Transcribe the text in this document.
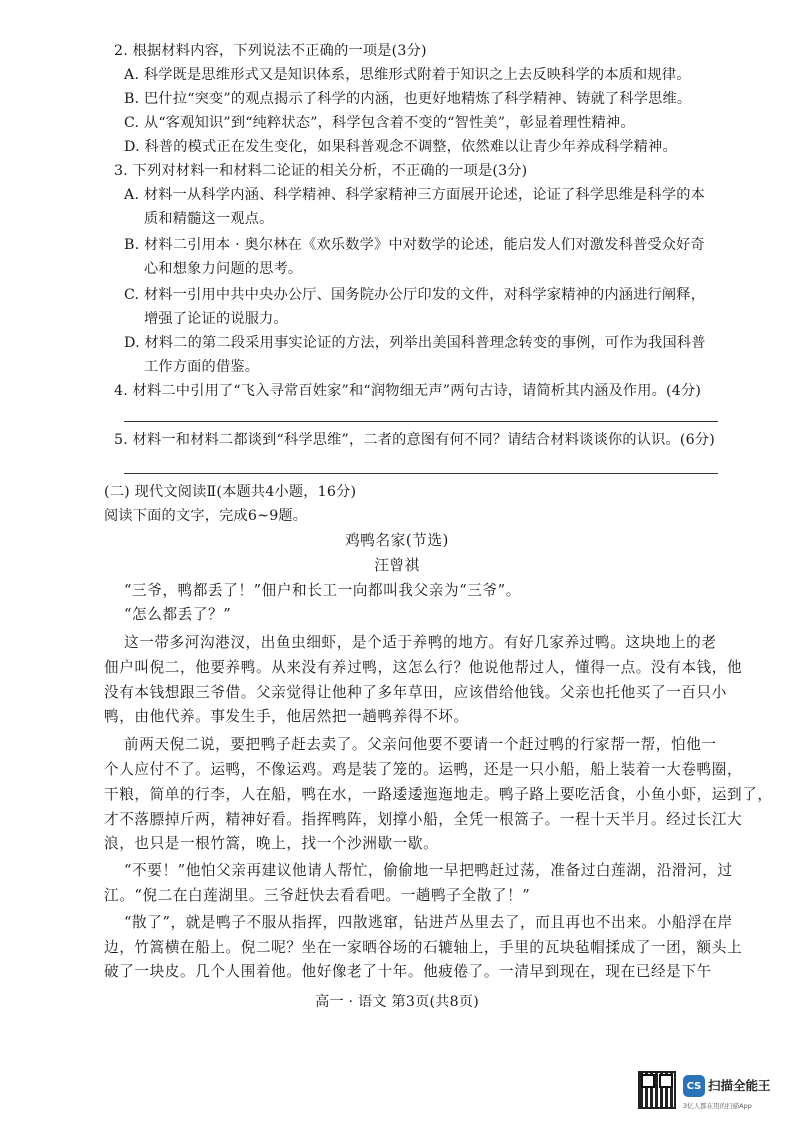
2. 根据材料内容，下列说法不正确的一项是(3分)
A. 科学既是思维形式又是知识体系，思维形式附着于知识之上去反映科学的本质和规律。
B. 巴什拉“突变”的观点揭示了科学的内涵，也更好地精炼了科学精神、铸就了科学思维。
C. 从“客观知识”到“纯粹状态”，科学包含着不变的“智性美”，彰显着理性精神。
D. 科普的模式正在发生变化，如果科普观念不调整，依然难以让青少年养成科学精神。
3. 下列对材料一和材料二论证的相关分析，不正确的一项是(3分)
A. 材料一从科学内涵、科学精神、科学家精神三方面展开论述，论证了科学思维是科学的本
质和精髓这一观点。
B. 材料二引用本 · 奥尔林在《欢乐数学》中对数学的论述，能启发人们对激发科普受众好奇
心和想象力问题的思考。
C. 材料一引用中共中央办公厅、国务院办公厅印发的文件，对科学家精神的内涵进行阐释，
增强了论证的说服力。
D. 材料二的第二段采用事实论证的方法，列举出美国科普理念转变的事例，可作为我国科普
工作方面的借鉴。
4. 材料二中引用了“飞入寻常百姓家”和“润物细无声”两句古诗，请简析其内涵及作用。(4分)
5. 材料一和材料二都谈到“科学思维”，二者的意图有何不同？请结合材料谈谈你的认识。(6分)
(二) 现代文阅读Ⅱ(本题共4小题，16分)
阅读下面的文字，完成6~9题。
鸡鸭名家(节选)
汪曾祺
“三爷，鸭都丢了！”佃户和长工一向都叫我父亲为“三爷”。
“怎么都丢了？”
这一带多河沟港汊，出鱼虫细虾，是个适于养鸭的地方。有好几家养过鸭。这块地上的老
佃户叫倪二，他要养鸭。从来没有养过鸭，这怎么行？他说他帮过人，懂得一点。没有本钱，他
没有本钱想跟三爷借。父亲觉得让他种了多年草田，应该借给他钱。父亲也托他买了一百只小
鸭，由他代养。事发生手，他居然把一趟鸭养得不坏。
前两天倪二说，要把鸭子赶去卖了。父亲问他要不要请一个赶过鸭的行家帮一帮，怕他一
个人应付不了。运鸭，不像运鸡。鸡是装了笼的。运鸭，还是一只小船，船上装着一大卷鸭圈，
干粮，简单的行李，人在船，鸭在水，一路逶逶迤迤地走。鸭子路上要吃活食，小鱼小虾，运到了，
才不落膘掉斤两，精神好看。指挥鸭阵，划撑小船，全凭一根篙子。一程十天半月。经过长江大
浪，也只是一根竹篙，晚上，找一个沙洲歇一歇。
“不要！”他怕父亲再建议他请人帮忙，偷偷地一早把鸭赶过荡，准备过白莲湖，沿滑河，过
江。“倪二在白莲湖里。三爷赶快去看看吧。一趟鸭子全散了！”
“散了”，就是鸭子不服从指挥，四散逃窜，钻进芦丛里去了，而且再也不出来。小船浮在岸
边，竹篙横在船上。倪二呢？坐在一家晒谷场的石辘轴上，手里的瓦块毡帽揉成了一团，额头上
破了一块皮。几个人围着他。他好像老了十年。他疲倦了。一清早到现在，现在已经是下午
高一 · 语文 第3页(共8页)
CS 扫描全能王
3亿人都在用的扫描App
